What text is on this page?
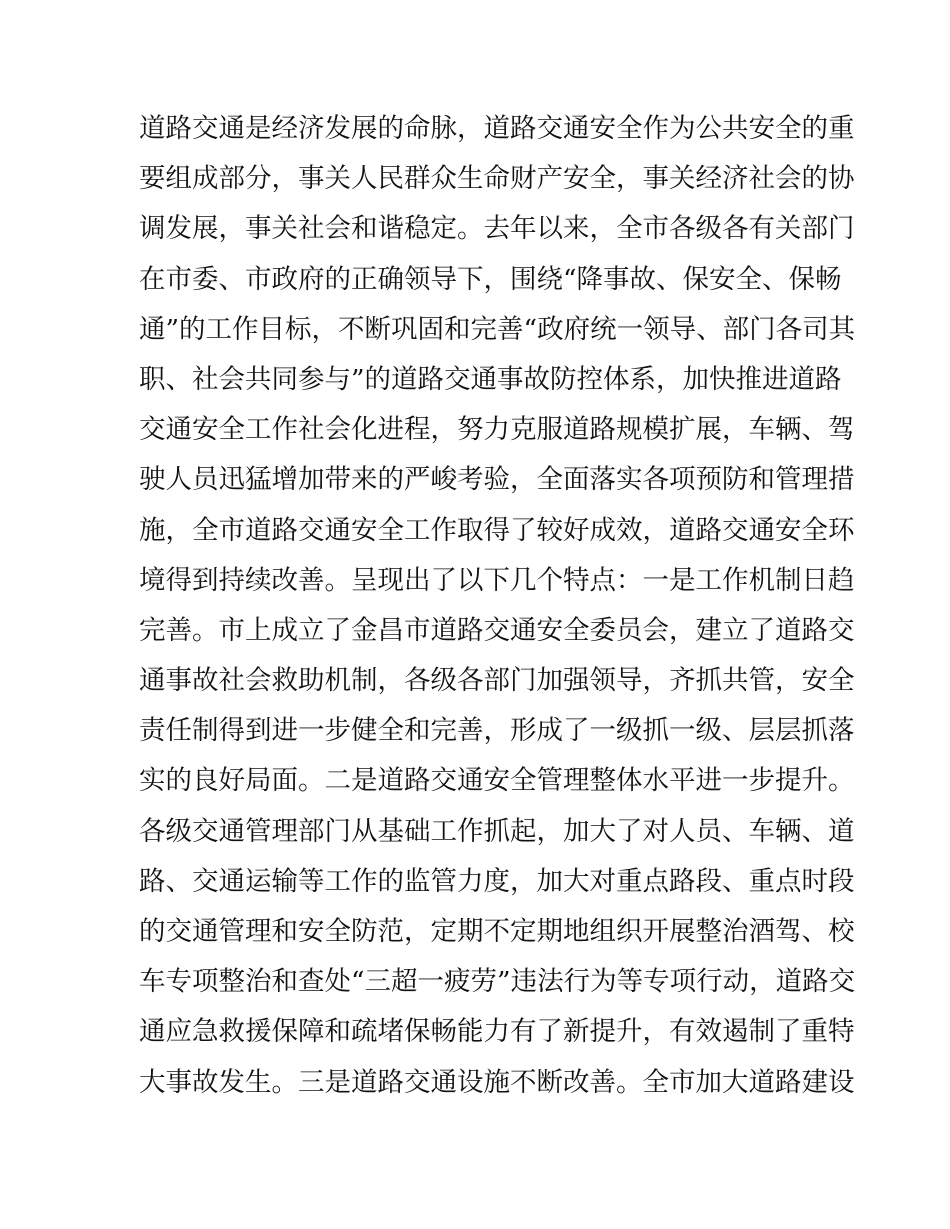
道路交通是经济发展的命脉，道路交通安全作为公共安全的重
要组成部分，事关人民群众生命财产安全，事关经济社会的协
调发展，事关社会和谐稳定。去年以来，全市各级各有关部门
在市委、市政府的正确领导下，围绕“降事故、保安全、保畅
通”的工作目标，不断巩固和完善“政府统一领导、部门各司其
职、社会共同参与”的道路交通事故防控体系，加快推进道路
交通安全工作社会化进程，努力克服道路规模扩展，车辆、驾
驶人员迅猛增加带来的严峻考验，全面落实各项预防和管理措
施，全市道路交通安全工作取得了较好成效，道路交通安全环
境得到持续改善。呈现出了以下几个特点：一是工作机制日趋
完善。市上成立了金昌市道路交通安全委员会，建立了道路交
通事故社会救助机制，各级各部门加强领导，齐抓共管，安全
责任制得到进一步健全和完善，形成了一级抓一级、层层抓落
实的良好局面。二是道路交通安全管理整体水平进一步提升。
各级交通管理部门从基础工作抓起，加大了对人员、车辆、道
路、交通运输等工作的监管力度，加大对重点路段、重点时段
的交通管理和安全防范，定期不定期地组织开展整治酒驾、校
车专项整治和查处“三超一疲劳”违法行为等专项行动，道路交
通应急救援保障和疏堵保畅能力有了新提升，有效遏制了重特
大事故发生。三是道路交通设施不断改善。全市加大道路建设
